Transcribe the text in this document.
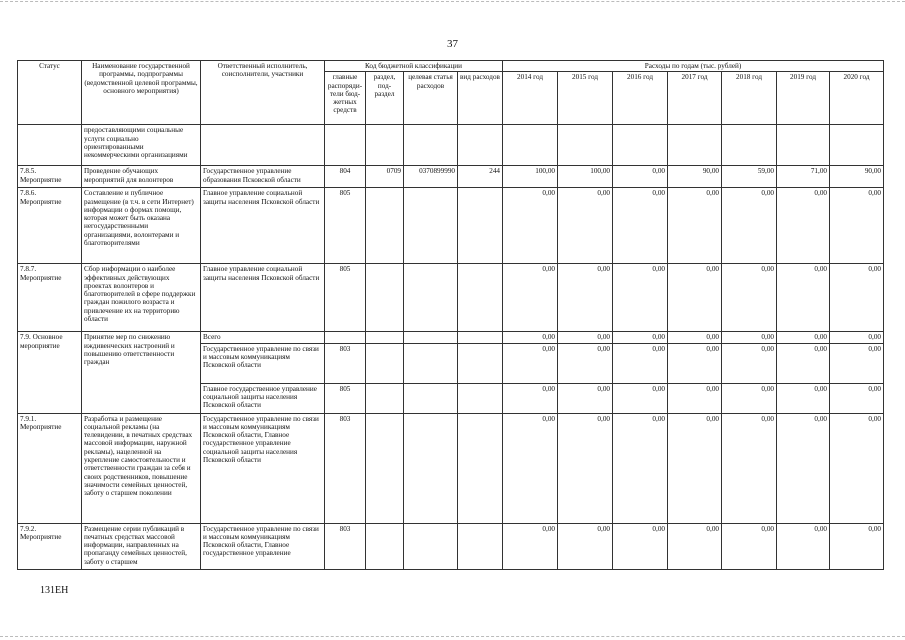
37
Статус	Наименование государственной программы, подпрограммы (ведомственной целевой программы, основного мероприятия)	Ответственный исполнитель, соисполнители, участники	Код бюджетной классификации				Расходы по годам (тыс. рублей)						
			главные распоряди- тели бюд- жетных средств	раздел, под- раздел	целевая статья расходов	вид расходов	2014 год	2015 год	2016 год	2017 год	2018 год	2019 год	2020 год
	предоставляющими социальные услуги социально ориентированными некоммерческими организациями												
7.8.5. Мероприятие	Проведение обучающих мероприятий для волонтеров	Государственное управление образования Псковской области	804	0709	0370899990	244	100,00	100,00	0,00	90,00	59,00	71,00	90,00
7.8.6. Мероприятие	Составление и публичное размещение (в т.ч. в сети Интернет) информации о формах помощи, которая может быть оказана негосударственными организациями, волонтерами и благотворителями	Главное управление социальной защиты населения Псковской области	805				0,00	0,00	0,00	0,00	0,00	0,00	0,00
7.8.7. Мероприятие	Сбор информации о наиболее эффективных действующих проектах волонтеров и благотворителей в сфере поддержки граждан пожилого возраста и привлечение их на территорию области	Главное управление социальной защиты населения Псковской области	805				0,00	0,00	0,00	0,00	0,00	0,00	0,00
7.9. Основное мероприятие	Принятие мер по снижению иждивенческих настроений и повышению ответственности граждан	Всего					0,00	0,00	0,00	0,00	0,00	0,00	0,00
		Государственное управление по связи и массовым коммуникациям Псковской области	803				0,00	0,00	0,00	0,00	0,00	0,00	0,00
		Главное государственное управление социальной защиты населения Псковской области	805				0,00	0,00	0,00	0,00	0,00	0,00	0,00
7.9.1. Мероприятие	Разработка и размещение социальной рекламы (на телевидении, в печатных средствах массовой информации, наружной рекламы), нацеленной на укрепление самостоятельности и ответственности граждан за себя и своих родственников, повышение значимости семейных ценностей, заботу о старшем поколении	Государственное управление по связи и массовым коммуникациям Псковской области, Главное государственное управление социальной защиты населения Псковской области	803				0,00	0,00	0,00	0,00	0,00	0,00	0,00
7.9.2. Мероприятие	Размещение серии публикаций в печатных средствах массовой информации, направленных на пропаганду семейных ценностей, заботу о старшем	Государственное управление по связи и массовым коммуникациям Псковской области, Главное государственное управление	803				0,00	0,00	0,00	0,00	0,00	0,00	0,00
131ЕН
